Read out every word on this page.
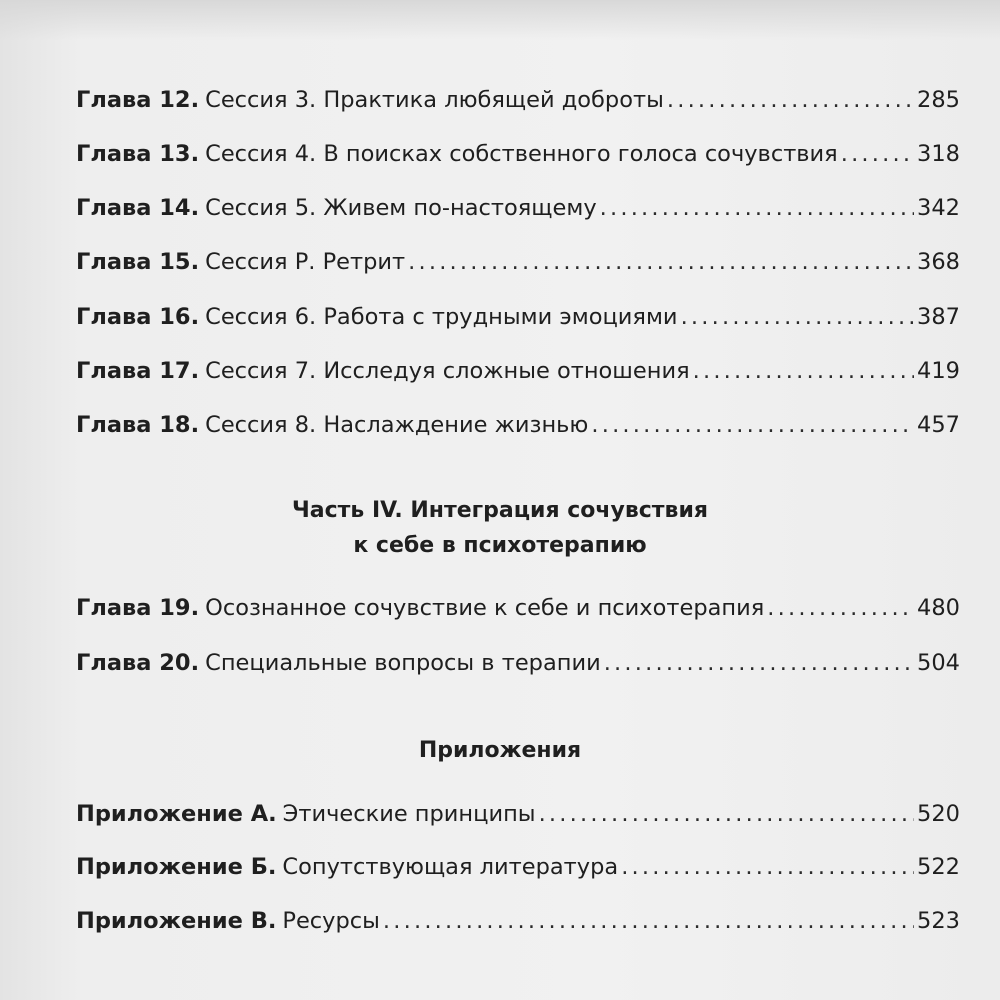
Глава 12. Сессия 3. Практика любящей доброты .....	285
Глава 13. Сессия 4. В поисках собственного голоса сочувствия .....	318
Глава 14. Сессия 5. Живем по-настоящему .....	342
Глава 15. Сессия Р. Ретрит .....	368
Глава 16. Сессия 6. Работа с трудными эмоциями .....	387
Глава 17. Сессия 7. Исследуя сложные отношения .....	419
Глава 18. Сессия 8. Наслаждение жизнью .....	457
Часть IV. Интеграция сочувствия
к себе в психотерапию
Глава 19. Осознанное сочувствие к себе и психотерапия .....	480
Глава 20. Специальные вопросы в терапии .....	504
Приложения
Приложение А. Этические принципы .....	520
Приложение Б. Сопутствующая литература .....	522
Приложение В. Ресурсы .....	523
